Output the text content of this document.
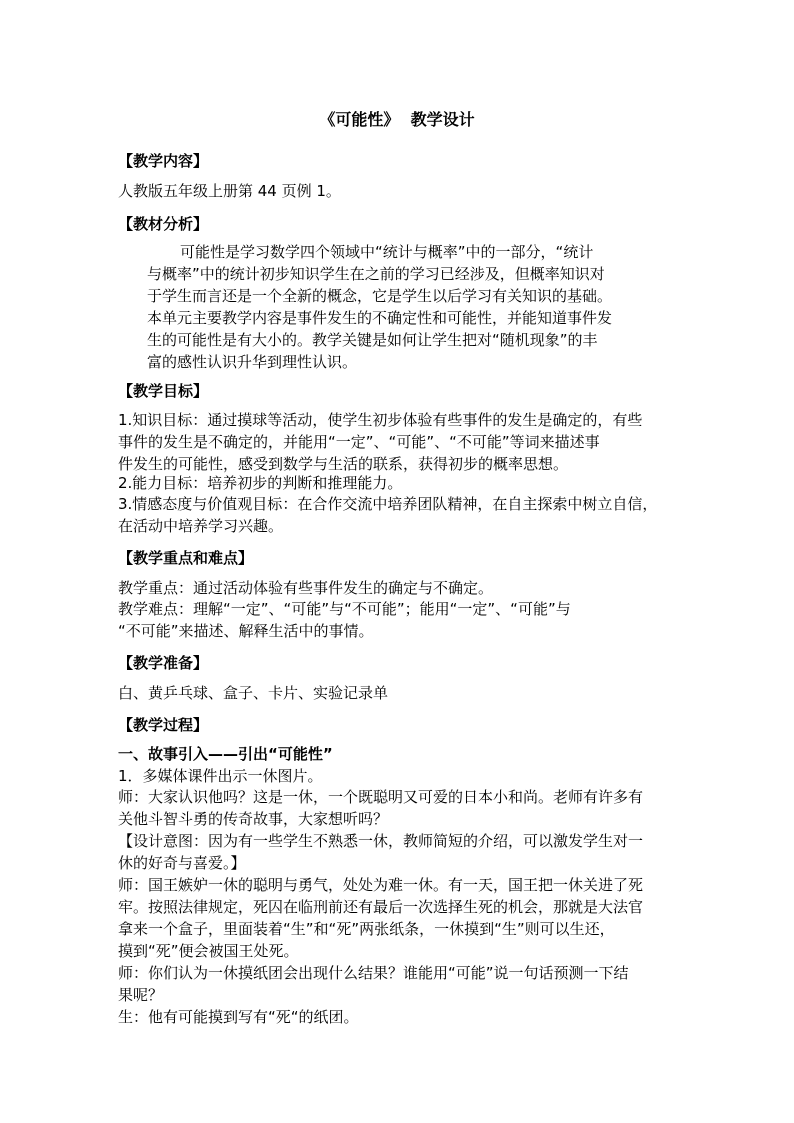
《可能性》  教学设计
【教学内容】
人教版五年级上册第 44 页例 1。
【教材分析】
可能性是学习数学四个领域中“统计与概率”中的一部分，“统计
与概率”中的统计初步知识学生在之前的学习已经涉及，但概率知识对
于学生而言还是一个全新的概念，它是学生以后学习有关知识的基础。
本单元主要教学内容是事件发生的不确定性和可能性，并能知道事件发
生的可能性是有大小的。教学关键是如何让学生把对“随机现象”的丰
富的感性认识升华到理性认识。
【教学目标】
1.知识目标：通过摸球等活动，使学生初步体验有些事件的发生是确定的，有些
事件的发生是不确定的，并能用“一定”、“可能”、“不可能”等词来描述事
件发生的可能性，感受到数学与生活的联系，获得初步的概率思想。
2.能力目标：培养初步的判断和推理能力。
3.情感态度与价值观目标：在合作交流中培养团队精神，在自主探索中树立自信，
在活动中培养学习兴趣。
【教学重点和难点】
教学重点：通过活动体验有些事件发生的确定与不确定。
教学难点：理解“一定”、“可能”与“不可能”；能用“一定”、“可能”与
“不可能”来描述、解释生活中的事情。
【教学准备】
白、黄乒乓球、盒子、卡片、实验记录单
【教学过程】
一、故事引入——引出“可能性”
1．多媒体课件出示一休图片。
师：大家认识他吗？这是一休，一个既聪明又可爱的日本小和尚。老师有许多有
关他斗智斗勇的传奇故事，大家想听吗？
【设计意图：因为有一些学生不熟悉一休，教师简短的介绍，可以激发学生对一
休的好奇与喜爱。】
师：国王嫉妒一休的聪明与勇气，处处为难一休。有一天，国王把一休关进了死
牢。按照法律规定，死囚在临刑前还有最后一次选择生死的机会，那就是大法官
拿来一个盒子，里面装着“生”和“死”两张纸条，一休摸到“生”则可以生还，
摸到“死”便会被国王处死。
师：你们认为一休摸纸团会出现什么结果？谁能用“可能”说一句话预测一下结
果呢？
生：他有可能摸到写有“死“的纸团。
